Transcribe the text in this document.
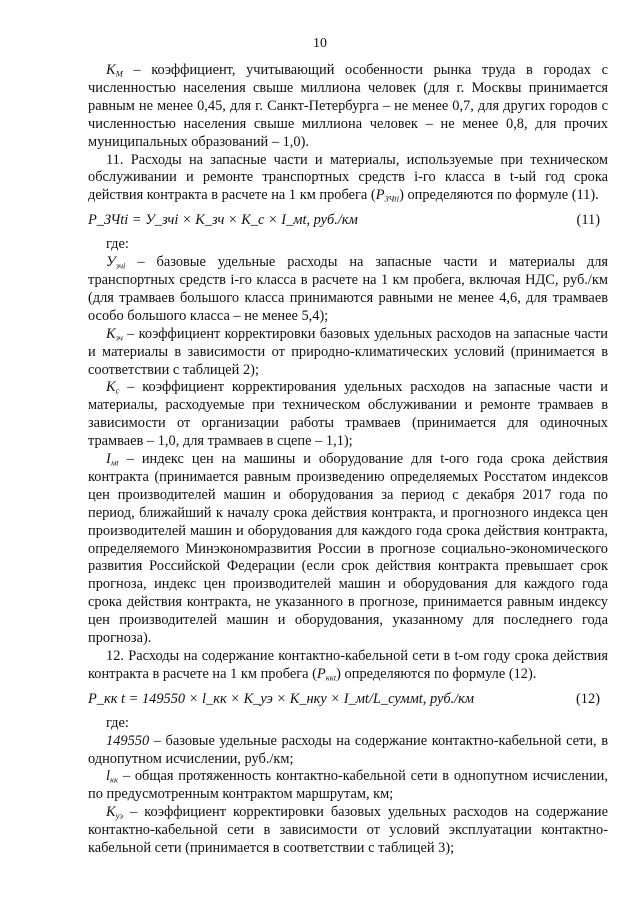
10

$K_M$ – коэффициент, учитывающий особенности рынка труда в городах с численностью населения свыше миллиона человек (для г. Москвы принимается равным не менее 0,45, для г. Санкт-Петербурга – не менее 0,7, для других городов с численностью населения свыше миллиона человек – не менее 0,8, для прочих муниципальных образований – 1,0).

11. Расходы на запасные части и материалы, используемые при техническом обслуживании и ремонте транспортных средств i-го класса в t-ый год срока действия контракта в расчете на 1 км пробега $(P_{ЗЧti})$ определяются по формуле (11).

P_ЗЧti = У_зчi × К_зч × К_с × I_мt, руб./км	(11)

где:

$У_{зчi}$ – базовые удельные расходы на запасные части и материалы для транспортных средств i-го класса в расчете на 1 км пробега, включая НДС, руб./км (для трамваев большого класса принимаются равными не менее 4,6, для трамваев особо большого класса – не менее 5,4);

$К_{зч}$ – коэффициент корректировки базовых удельных расходов на запасные части и материалы в зависимости от природно-климатических условий (принимается в соответствии с таблицей 2);

$К_с$ – коэффициент корректирования удельных расходов на запасные части и материалы, расходуемые при техническом обслуживании и ремонте трамваев в зависимости от организации работы трамваев (принимается для одиночных трамваев – 1,0, для трамваев в сцепе – 1,1);

$I_{мt}$ – индекс цен на машины и оборудование для t-ого года срока действия контракта (принимается равным произведению определяемых Росстатом индексов цен производителей машин и оборудования за период с декабря 2017 года по период, ближайший к началу срока действия контракта, и прогнозного индекса цен производителей машин и оборудования для каждого года срока действия контракта, определяемого Минэкономразвития России в прогнозе социально-экономического развития Российской Федерации (если срок действия контракта превышает срок прогноза, индекс цен производителей машин и оборудования для каждого года срока действия контракта, не указанного в прогнозе, принимается равным индексу цен производителей машин и оборудования, указанному для последнего года прогноза).

12. Расходы на содержание контактно-кабельной сети в t-ом году срока действия контракта в расчете на 1 км пробега $(P_{ккt})$ определяются по формуле (12).

P_кк t = 149550 × l_кк × К_уэ × К_нку × I_мt/L_суммt, руб./км	(12)

где:

149550 – базовые удельные расходы на содержание контактно-кабельной сети, в однопутном исчислении, руб./км;

$l_{кк}$ – общая протяженность контактно-кабельной сети в однопутном исчислении, по предусмотренным контрактом маршрутам, км;

$К_{уэ}$ – коэффициент корректировки базовых удельных расходов на содержание контактно-кабельной сети в зависимости от условий эксплуатации контактно-кабельной сети (принимается в соответствии с таблицей 3);
